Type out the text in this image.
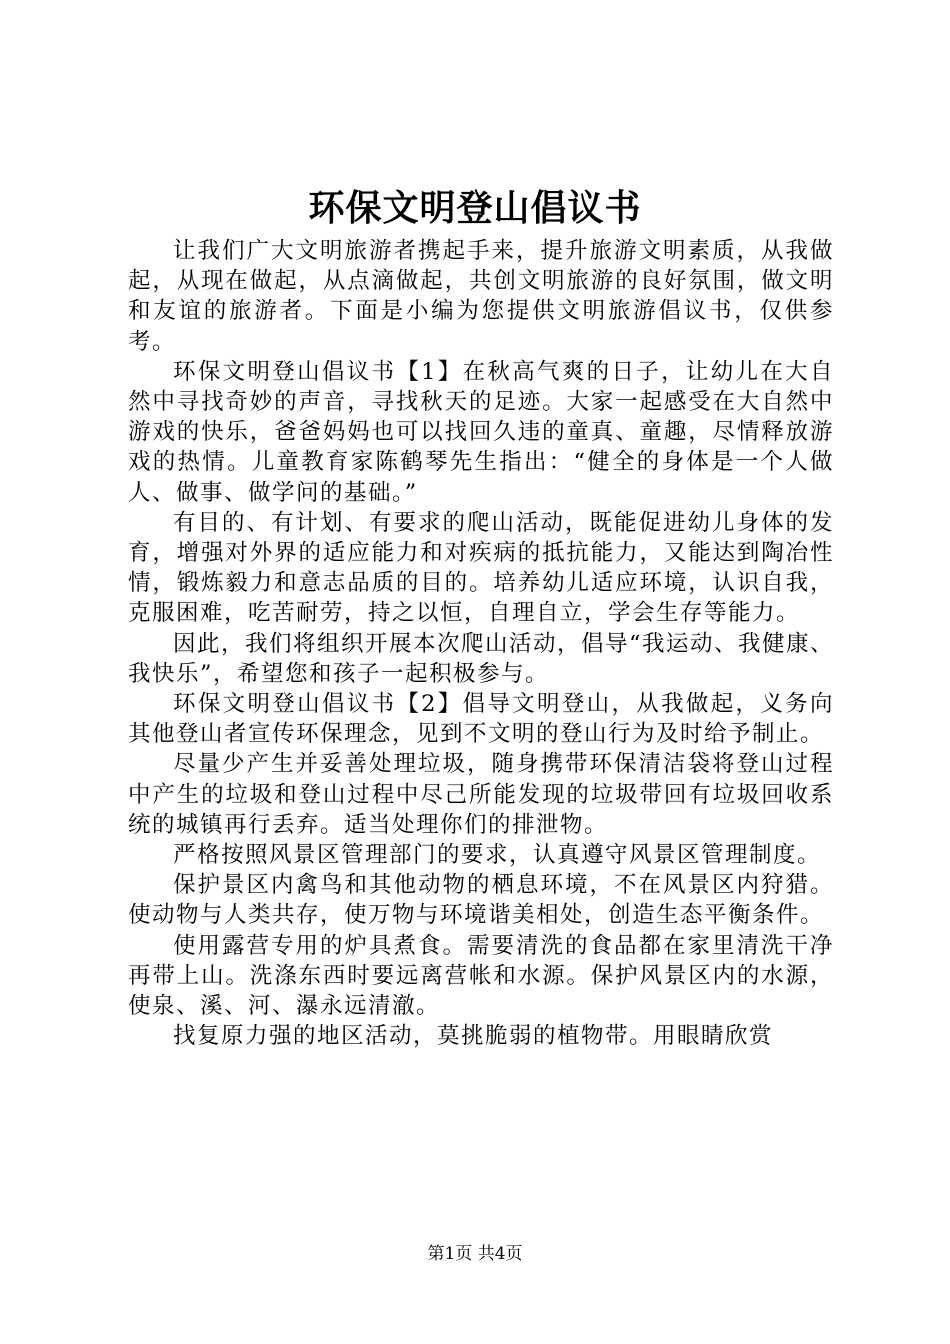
环保文明登山倡议书

让我们广大文明旅游者携起手来，提升旅游文明素质，从我做起，从现在做起，从点滴做起，共创文明旅游的良好氛围，做文明和友谊的旅游者。下面是小编为您提供文明旅游倡议书，仅供参考。

环保文明登山倡议书【1】在秋高气爽的日子，让幼儿在大自然中寻找奇妙的声音，寻找秋天的足迹。大家一起感受在大自然中游戏的快乐，爸爸妈妈也可以找回久违的童真、童趣，尽情释放游戏的热情。儿童教育家陈鹤琴先生指出：“健全的身体是一个人做人、做事、做学问的基础。”

有目的、有计划、有要求的爬山活动，既能促进幼儿身体的发育，增强对外界的适应能力和对疾病的抵抗能力，又能达到陶冶性情，锻炼毅力和意志品质的目的。培养幼儿适应环境，认识自我，克服困难，吃苦耐劳，持之以恒，自理自立，学会生存等能力。

因此，我们将组织开展本次爬山活动，倡导“我运动、我健康、我快乐”，希望您和孩子一起积极参与。

环保文明登山倡议书【2】倡导文明登山，从我做起，义务向其他登山者宣传环保理念，见到不文明的登山行为及时给予制止。

尽量少产生并妥善处理垃圾，随身携带环保清洁袋将登山过程中产生的垃圾和登山过程中尽己所能发现的垃圾带回有垃圾回收系统的城镇再行丢弃。适当处理你们的排泄物。

严格按照风景区管理部门的要求，认真遵守风景区管理制度。

保护景区内禽鸟和其他动物的栖息环境，不在风景区内狩猎。使动物与人类共存，使万物与环境谐美相处，创造生态平衡条件。

使用露营专用的炉具煮食。需要清洗的食品都在家里清洗干净再带上山。洗涤东西时要远离营帐和水源。保护风景区内的水源，使泉、溪、河、瀑永远清澈。

找复原力强的地区活动，莫挑脆弱的植物带。用眼睛欣赏

第1页 共4页
